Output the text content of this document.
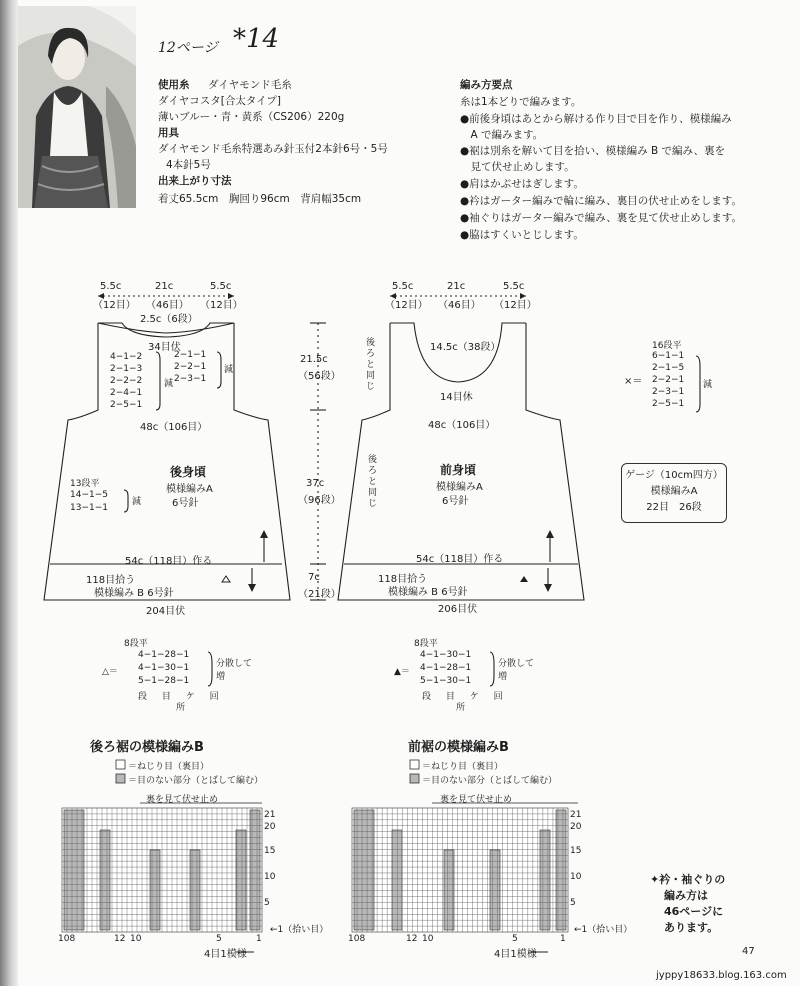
12ページ *14
使用糸 ダイヤモンド毛糸
ダイヤコスタ[合太タイプ]
薄いブルー・青・黄系（CS206）220g
用具
ダイヤモンド毛糸特選あみ針玉付2本針6号・5号
4本針5号
出来上がり寸法
着丈65.5cm　胸回り96cm　背肩幅35cm
編み方要点
糸は1本どりで編みます。
●前後身頃はあとから解ける作り目で目を作り、模様編み
　A で編みます。
●裾は別糸を解いて目を拾い、模様編み B で編み、裏を
　見て伏せ止めします。
●肩はかぶせはぎします。
●衿はガーター編みで輪に編み、裏目の伏せ止めをします。
●袖ぐりはガーター編みで編み、裏を見て伏せ止めします。
●脇はすくいとじします。
5.5c	21c	5.5c
（12目） （46目） （12目）
2.5c（6段）
34目伏
4−1−2
2−1−3
2−2−2
2−4−1
2−5−1
減
2−1−1
2−2−1
2−3−1
減
48c（106目）
13段平
14−1−5
13−1−1
減
後身頃
模様編みA
6号針
54c（118目）作る
118目拾う
模様編み B 6号針
204目伏
21.5c
（56段）
37c
（96段）
7c
（21段）
5.5c	21c	5.5c
（12目） （46目） （12目）
後ろと同じ
後ろと同じ
14.5c（38段）
14目休
48c（106目）
前身頃
模様編みA
6号針
54c（118目）作る
118目拾う
模様編み B 6号針
206目伏
×＝
16段平
6−1−1
2−1−5
2−2−1
2−3−1
2−5−1
減
ゲージ（10cm四方）
模様編みA
22目　26段
8段平
△＝
4−1−28−1
4−1−30−1
5−1−28−1
分散して
増
段 目 ケ 回
所
8段平
▲＝
4−1−30−1
4−1−28−1
5−1−30−1
分散して
増
段 目 ケ 回
所
後ろ裾の模様編みB	前裾の模様編みB
＝ねじり目（裏目）
＝目のない部分（とばして編む）
＝ねじり目（裏目）
＝目のない部分（とばして編む）
裏を見て伏せ止め	裏を見て伏せ止め
21
20
15
10
5
←1（拾い目）
108	12 10	5	1
4目1模様
21
20
15
10
5
←1（拾い目）
108	12 10	5	1
4目1模様
✦衿・袖ぐりの
編み方は
46ページに
あります。
47
jyppy18633.blog.163.com
